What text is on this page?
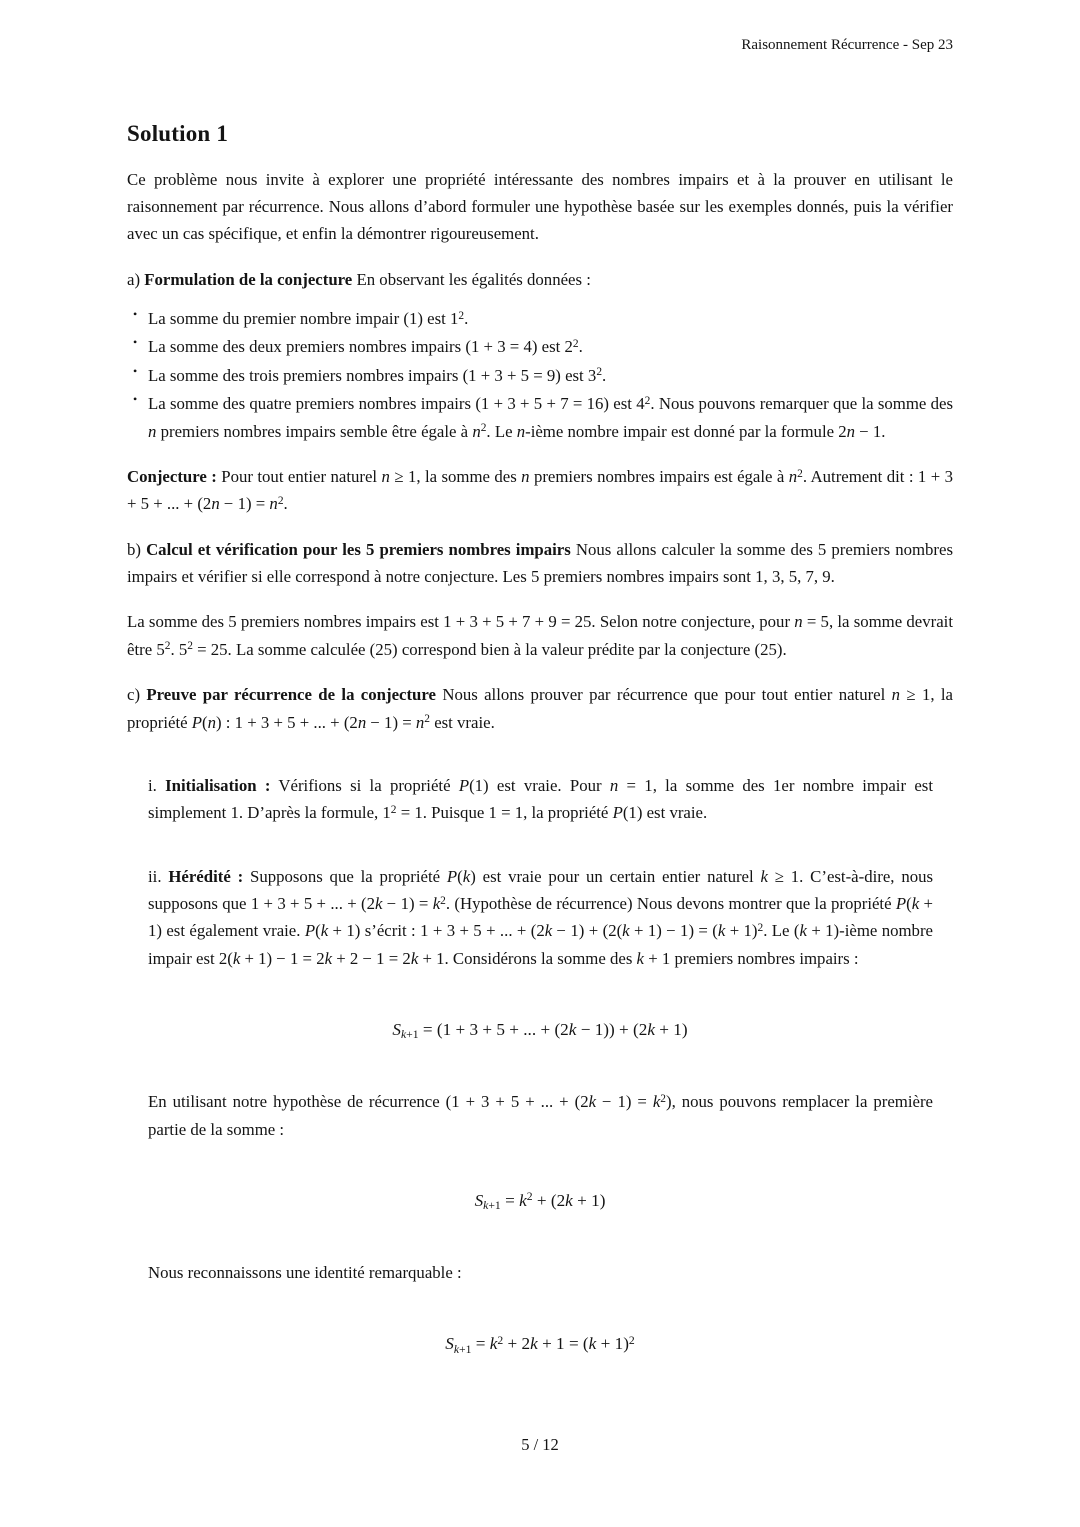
Raisonnement Récurrence - Sep 23
Solution 1

Ce problème nous invite à explorer une propriété intéressante des nombres impairs et à la prouver en utilisant le raisonnement par récurrence. Nous allons d’abord formuler une hypothèse basée sur les exemples donnés, puis la vérifier avec un cas spécifique, et enfin la démontrer rigoureusement.

a) Formulation de la conjecture En observant les égalités données :

• La somme du premier nombre impair (1) est $1^2$.
• La somme des deux premiers nombres impairs (1 + 3 = 4) est $2^2$.
• La somme des trois premiers nombres impairs (1 + 3 + 5 = 9) est $3^2$.
• La somme des quatre premiers nombres impairs (1 + 3 + 5 + 7 = 16) est $4^2$. Nous pouvons remarquer que la somme des n premiers nombres impairs semble être égale à $n^2$. Le n-ième nombre impair est donné par la formule 2n − 1.

Conjecture : Pour tout entier naturel n ≥ 1, la somme des n premiers nombres impairs est égale à $n^2$. Autrement dit : 1 + 3 + 5 + ... + $(2n - 1) = n^2$.

b) Calcul et vérification pour les 5 premiers nombres impairs Nous allons calculer la somme des 5 premiers nombres impairs et vérifier si elle correspond à notre conjecture. Les 5 premiers nombres impairs sont 1, 3, 5, 7, 9.

La somme des 5 premiers nombres impairs est 1 + 3 + 5 + 7 + 9 = 25. Selon notre conjecture, pour n = 5, la somme devrait être $5^2$. $5^2 = 25$. La somme calculée (25) correspond bien à la valeur prédite par la conjecture (25).

c) Preuve par récurrence de la conjecture Nous allons prouver par récurrence que pour tout entier naturel n ≥ 1, la propriété P(n) : 1 + 3 + 5 + ... + $(2n - 1) = n^2$ est vraie.

i. Initialisation : Vérifions si la propriété P(1) est vraie. Pour n = 1, la somme des 1er nombre impair est simplement 1. D’après la formule, $1^2 = 1$. Puisque 1 = 1, la propriété P(1) est vraie.

ii. Hérédité : Supposons que la propriété P(k) est vraie pour un certain entier naturel k ≥ 1. C’est-à-dire, nous supposons que 1 + 3 + 5 + ... + $(2k - 1) = k^2$. (Hypothèse de récurrence) Nous devons montrer que la propriété P(k + 1) est également vraie. P(k + 1) s’écrit : 1 + 3 + 5 + ... + $(2k - 1) + (2(k + 1) - 1) = (k + 1)^2$. Le (k + 1)-ième nombre impair est 2(k + 1) − 1 = 2k + 2 − 1 = 2k + 1. Considérons la somme des k + 1 premiers nombres impairs :

$S_{k+1} = (1 + 3 + 5$ + ... + (2k − 1)) + (2k + 1)

En utilisant notre hypothèse de récurrence (1 + 3 + 5 + ... + $(2k - 1) = k^2$), nous pouvons remplacer la première partie de la somme :

$S_{k+1} = k^2 + (2k + 1)$

Nous reconnaissons une identité remarquable :

$S_{k+1} = k^2 + 2k + 1 = (k + 1)^2$
5 / 12
